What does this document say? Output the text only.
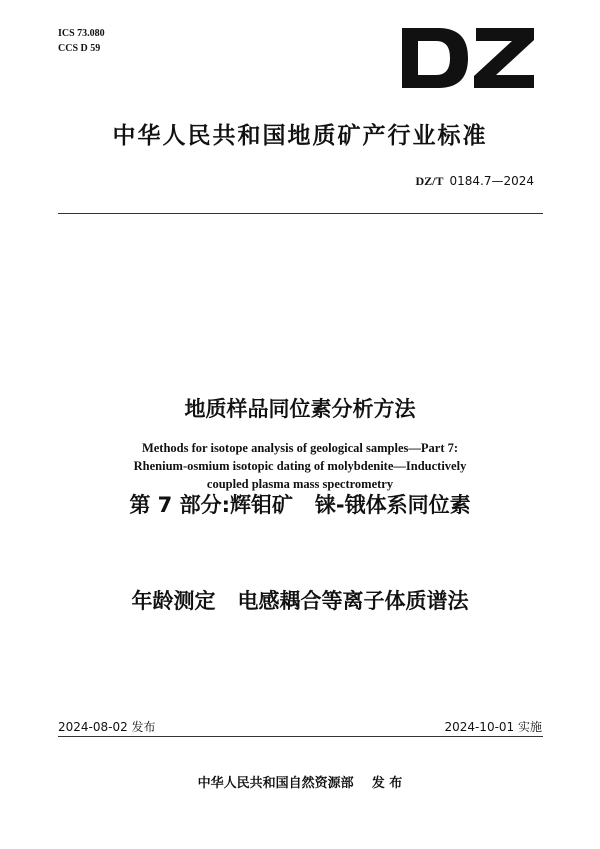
ICS 73.080
CCS D 59
中华人民共和国地质矿产行业标准
DZ/T 0184.7—2024

地质样品同位素分析方法

第 7 部分:辉钼矿   铼-锇体系同位素

年龄测定   电感耦合等离子体质谱法

Methods for isotope analysis of geological samples—Part 7:
Rhenium-osmium isotopic dating of molybdenite—Inductively
coupled plasma mass spectrometry
2024-08-02 发布	2024-10-01 实施
中华人民共和国自然资源部    发 布
